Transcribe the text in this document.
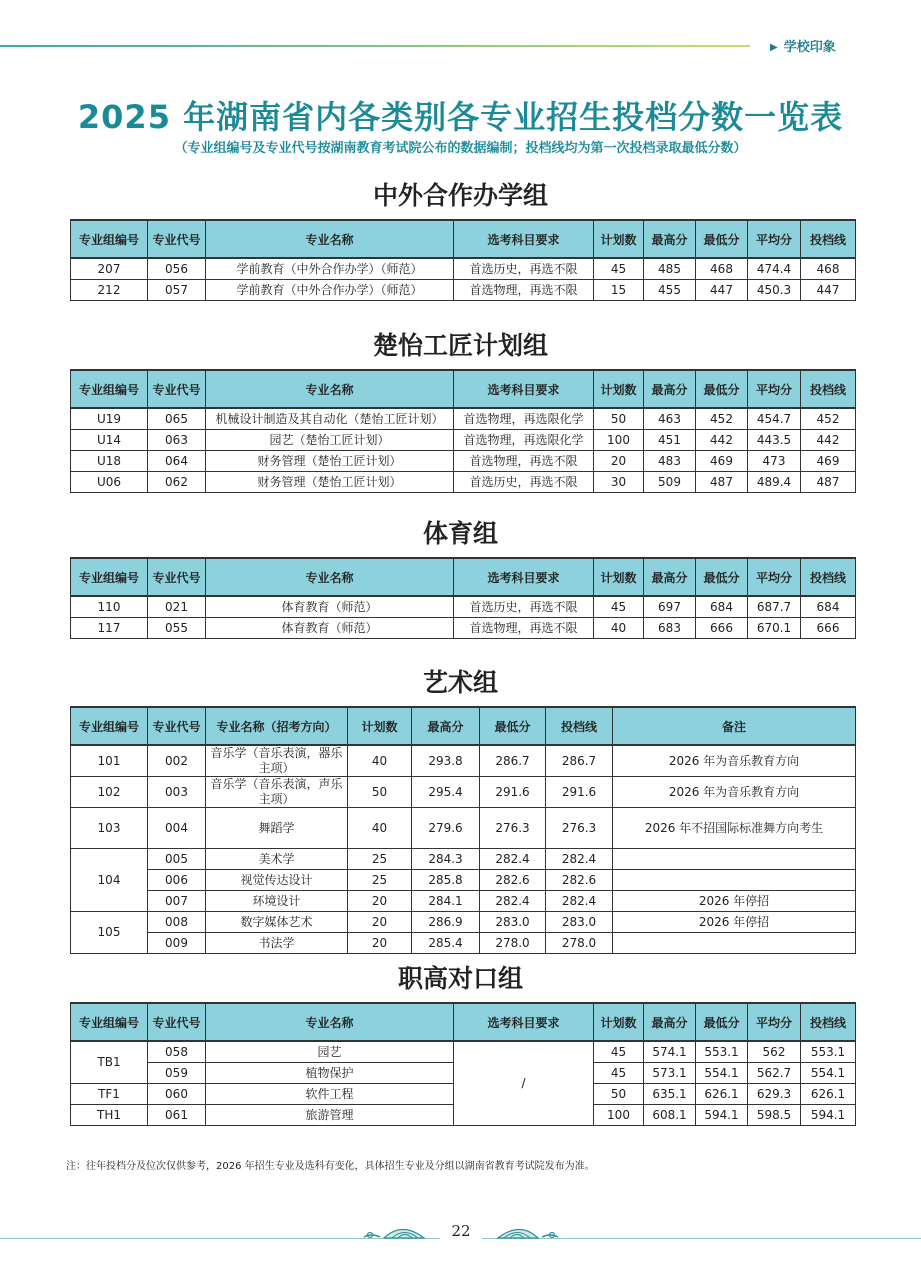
▶ 学校印象
2025 年湖南省内各类别各专业招生投档分数一览表
（专业组编号及专业代号按湖南教育考试院公布的数据编制；投档线均为第一次投档录取最低分数）
中外合作办学组
专业组编号	专业代号	专业名称	选考科目要求	计划数	最高分	最低分	平均分	投档线
207	056	学前教育（中外合作办学）（师范）	首选历史，再选不限	45	485	468	474.4	468
212	057	学前教育（中外合作办学）（师范）	首选物理，再选不限	15	455	447	450.3	447
楚怡工匠计划组
专业组编号	专业代号	专业名称	选考科目要求	计划数	最高分	最低分	平均分	投档线
U19	065	机械设计制造及其自动化（楚怡工匠计划）	首选物理，再选限化学	50	463	452	454.7	452
U14	063	园艺（楚怡工匠计划）	首选物理，再选限化学	100	451	442	443.5	442
U18	064	财务管理（楚怡工匠计划）	首选物理，再选不限	20	483	469	473	469
U06	062	财务管理（楚怡工匠计划）	首选历史，再选不限	30	509	487	489.4	487
体育组
专业组编号	专业代号	专业名称	选考科目要求	计划数	最高分	最低分	平均分	投档线
110	021	体育教育（师范）	首选历史，再选不限	45	697	684	687.7	684
117	055	体育教育（师范）	首选物理，再选不限	40	683	666	670.1	666
艺术组
专业组编号	专业代号	专业名称（招考方向）	计划数	最高分	最低分	投档线	备注
101	002	音乐学（音乐表演，器乐主项）	40	293.8	286.7	286.7	2026 年为音乐教育方向
102	003	音乐学（音乐表演，声乐主项）	50	295.4	291.6	291.6	2026 年为音乐教育方向
103	004	舞蹈学	40	279.6	276.3	276.3	2026 年不招国际标准舞方向考生
104	005	美术学	25	284.3	282.4	282.4	
	006	视觉传达设计	25	285.8	282.6	282.6	
	007	环境设计	20	284.1	282.4	282.4	2026 年停招
105	008	数字媒体艺术	20	286.9	283.0	283.0	2026 年停招
	009	书法学	20	285.4	278.0	278.0	
职高对口组
专业组编号	专业代号	专业名称	选考科目要求	计划数	最高分	最低分	平均分	投档线
TB1	058	园艺	/	45	574.1	553.1	562	553.1
	059	植物保护		45	573.1	554.1	562.7	554.1
TF1	060	软件工程		50	635.1	626.1	629.3	626.1
TH1	061	旅游管理		100	608.1	594.1	598.5	594.1
注：往年投档分及位次仅供参考，2026 年招生专业及选科有变化，具体招生专业及分组以湖南省教育考试院发布为准。
22
